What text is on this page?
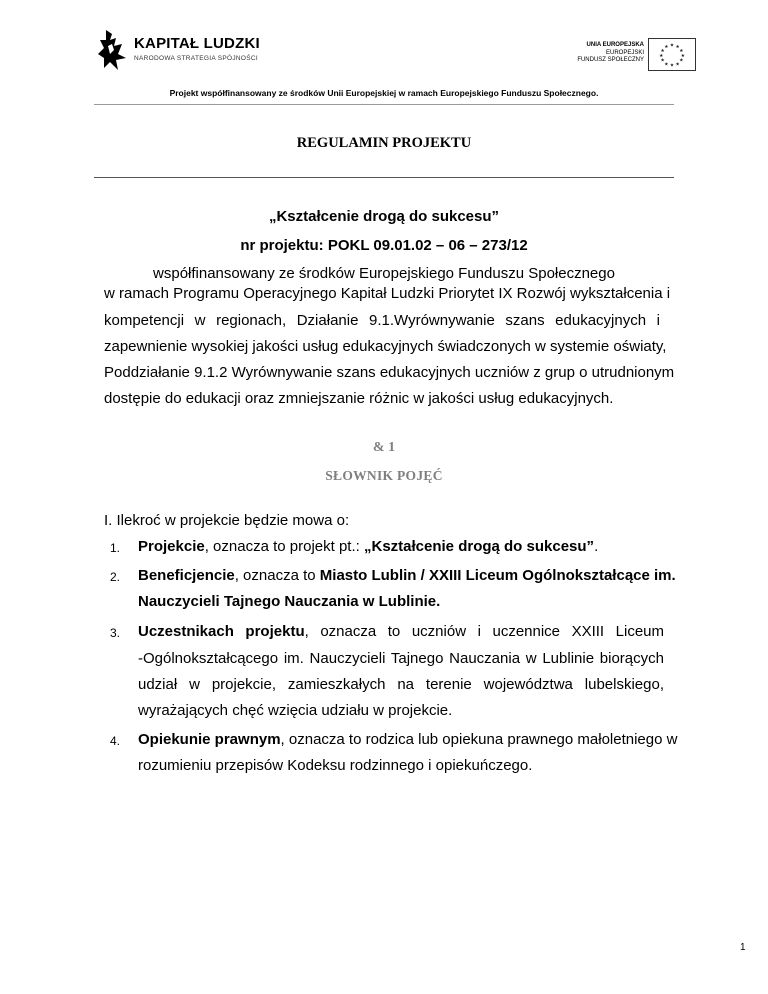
KAPITAŁ LUDZKI
NARODOWA STRATEGIA SPÓJNOŚCI
UNIA EUROPEJSKA
EUROPEJSKI
FUNDUSZ SPOŁECZNY
★ ★
★
★
★
★
★
★
★
★
★
★
Projekt współfinansowany ze środków Unii Europejskiej w ramach Europejskiego Funduszu Społecznego.
REGULAMIN PROJEKTU
„Kształcenie drogą do sukcesu”
nr projektu: POKL 09.01.02 – 06 – 273/12
współfinansowany ze środków Europejskiego Funduszu Społecznego
w ramach Programu Operacyjnego Kapitał Ludzki Priorytet IX Rozwój wykształcenia i
kompetencji w regionach, Działanie 9.1.Wyrównywanie szans edukacyjnych i
zapewnienie wysokiej jakości usług edukacyjnych świadczonych w systemie oświaty,
Poddziałanie 9.1.2 Wyrównywanie szans edukacyjnych uczniów z grup o utrudnionym
dostępie do edukacji oraz zmniejszanie różnic w jakości usług edukacyjnych.
& 1
SŁOWNIK POJĘĆ
I. Ilekroć w projekcie będzie mowa o:
1.	Projekcie, oznacza to projekt pt.: „Kształcenie drogą do sukcesu”.
2.	Beneficjencie, oznacza to Miasto Lublin / XXIII Liceum Ogólnokształcące im.
Nauczycieli Tajnego Nauczania w Lublinie.
3.	Uczestnikach projektu, oznacza to uczniów i uczennice XXIII Liceum
-Ogólnokształcącego im. Nauczycieli Tajnego Nauczania w Lublinie biorących
udział w projekcie, zamieszkałych na terenie województwa lubelskiego,
wyrażających chęć wzięcia udziału w projekcie.
4.	Opiekunie prawnym, oznacza to rodzica lub opiekuna prawnego małoletniego w
rozumieniu przepisów Kodeksu rodzinnego i opiekuńczego.
1
